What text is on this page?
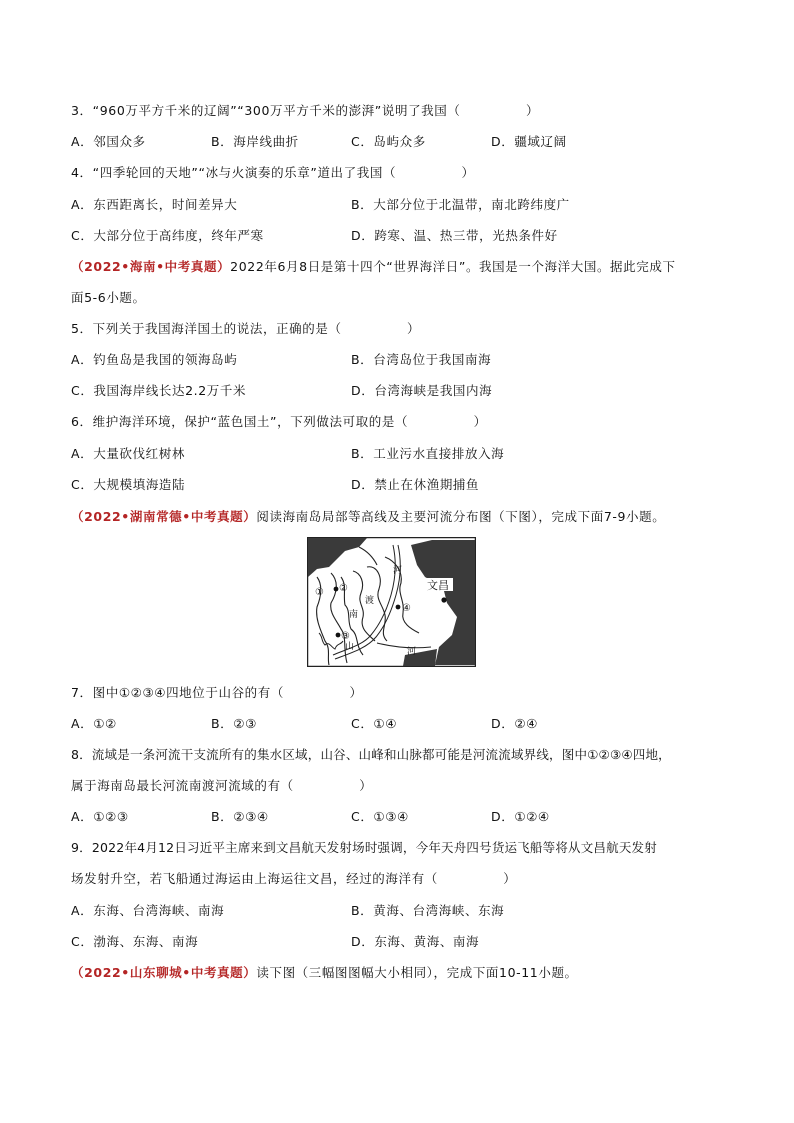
3．“960万平方千米的辽阔”“300万平方千米的澎湃”说明了我国（　　　　　）
A．邻国众多	B．海岸线曲折	C．岛屿众多	D．疆域辽阔
4．“四季轮回的天地”“冰与火演奏的乐章”道出了我国（　　　　　）
A．东西距离长，时间差异大	B．大部分位于北温带，南北跨纬度广
C．大部分位于高纬度，终年严寒	D．跨寒、温、热三带，光热条件好
（2022•海南•中考真题）2022年6月8日是第十四个“世界海洋日”。我国是一个海洋大国。据此完成下
面5-6小题。
5．下列关于我国海洋国土的说法，正确的是（　　　　　）
A．钓鱼岛是我国的领海岛屿	B．台湾岛位于我国南海
C．我国海岸线长达2.2万千米	D．台湾海峡是我国内海
6．维护海洋环境，保护“蓝色国土”，下列做法可取的是（　　　　　）
A．大量砍伐红树林	B．工业污水直接排放入海
C．大规模填海造陆	D．禁止在休渔期捕鱼
（2022•湖南常德•中考真题）阅读海南岛局部等高线及主要河流分布图（下图），完成下面7-9小题。
① ②
③
④
文昌
河
渡
南
河
山
7．图中①②③④四地位于山谷的有（　　　　　）
A．①②	B．②③	C．①④	D．②④
8．流域是一条河流干支流所有的集水区域，山谷、山峰和山脉都可能是河流流域界线，图中①②③④四地，
属于海南岛最长河流南渡河流域的有（　　　　　）
A．①②③	B．②③④	C．①③④	D．①②④
9．2022年4月12日习近平主席来到文昌航天发射场时强调，今年天舟四号货运飞船等将从文昌航天发射
场发射升空，若飞船通过海运由上海运往文昌，经过的海洋有（　　　　　）
A．东海、台湾海峡、南海	B．黄海、台湾海峡、东海
C．渤海、东海、南海	D．东海、黄海、南海
（2022•山东聊城•中考真题）读下图（三幅图图幅大小相同），完成下面10-11小题。
